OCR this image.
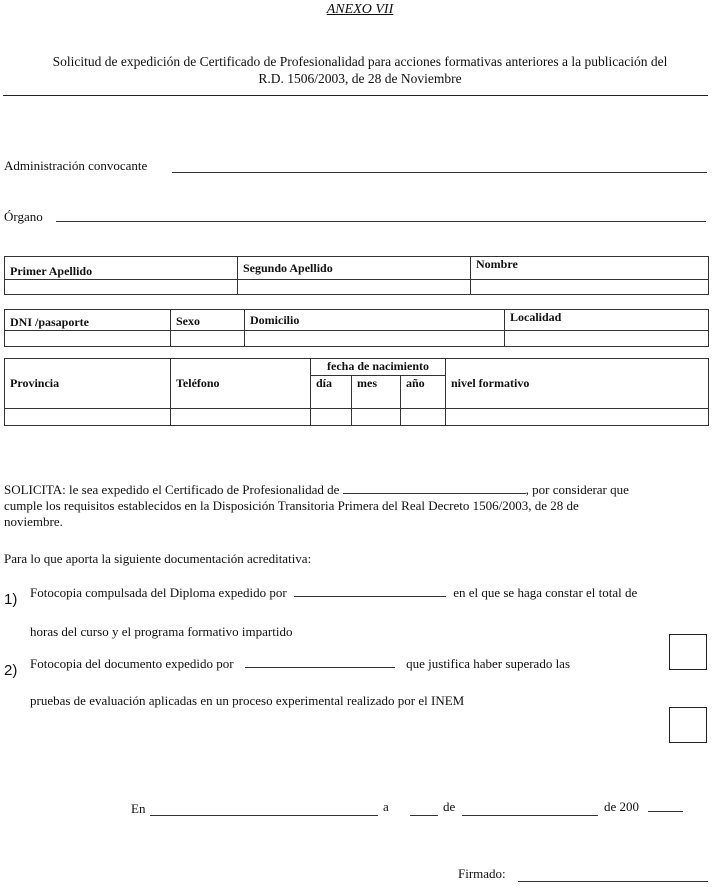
ANEXO VII
Solicitud de expedición de Certificado de Profesionalidad para acciones formativas anteriores a la publicación del
R.D. 1506/2003, de 28 de Noviembre
Administración convocante
Órgano
Primer Apellido	Segundo Apellido	Nombre

DNI /pasaporte	Sexo	Domicilio	Localidad

Provincia	Teléfono	fecha de nacimiento			nivel formativo
		día	mes	año	

SOLICITA: le sea expedido el Certificado de Profesionalidad de	, por considerar que
cumple los requisitos establecidos en la Disposición Transitoria Primera del Real Decreto 1506/2003, de 28 de
noviembre.
Para lo que aporta la siguiente documentación acreditativa:
1) Fotocopia compulsada del Diploma expedido por	en el que se haga constar el total de
horas del curso y el programa formativo impartido
2) Fotocopia del documento expedido por	que justifica haber superado las
pruebas de evaluación aplicadas en un proceso experimental realizado por el INEM
En	a	de	de 200
Firmado:
